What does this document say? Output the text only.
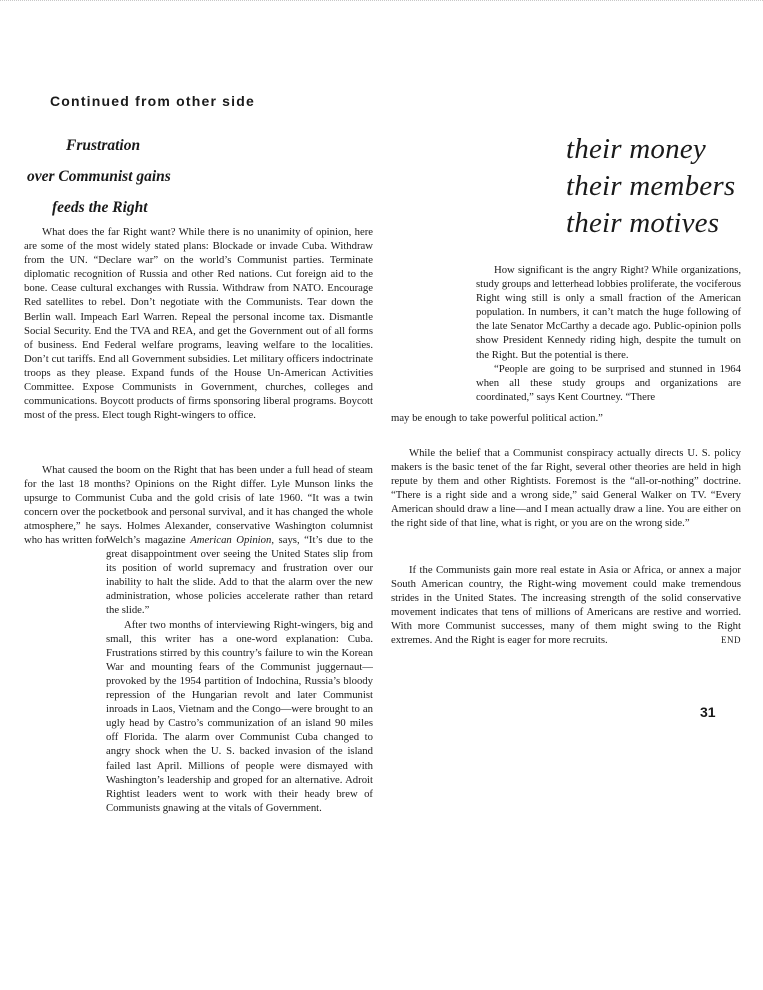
Continued from other side
Frustration
over Communist gains
feeds the Right
their money
their members
their motives

What does the far Right want? While there is no unanimity of opinion, here are some of the most widely stated plans: Blockade or invade Cuba. Withdraw from the UN. “Declare war” on the world’s Communist parties. Terminate diplomatic recognition of Russia and other Red nations. Cut foreign aid to the bone. Cease cultural exchanges with Russia. Withdraw from NATO. Encourage Red satellites to rebel. Don’t negotiate with the Communists. Tear down the Berlin wall. Impeach Earl Warren. Repeal the personal income tax. Dismantle Social Security. End the TVA and REA, and get the Government out of all forms of business. End Federal welfare programs, leaving welfare to the localities. Don’t cut tariffs. End all Government subsidies. Let military officers indoctrinate troops as they please. Expand funds of the House Un-American Activities Committee. Expose Communists in Government, churches, colleges and communications. Boycott products of firms sponsoring liberal programs. Boycott most of the press. Elect tough Right-wingers to office.

What caused the boom on the Right that has been under a full head of steam for the last 18 months? Opinions on the Right differ. Lyle Munson links the upsurge to Communist Cuba and the gold crisis of late 1960. “It was a twin concern over the pocketbook and personal survival, and it has changed the whole atmosphere,” he says. Holmes Alexander, conservative Washington columnist who has written for

Welch’s magazine American Opinion, says, “It’s due to the great disappointment over seeing the United States slip from its position of world supremacy and frustration over our inability to halt the slide. Add to that the alarm over the new administration, whose policies accelerate rather than retard the slide.”

After two months of interviewing Right-wingers, big and small, this writer has a one-word explanation: Cuba. Frustrations stirred by this country’s failure to win the Korean War and mounting fears of the Communist juggernaut—provoked by the 1954 partition of Indochina, Russia’s bloody repression of the Hungarian revolt and later Communist inroads in Laos, Vietnam and the Congo—were brought to an ugly head by Castro’s communization of an island 90 miles off Florida. The alarm over Communist Cuba changed to angry shock when the U. S. backed invasion of the island failed last April. Millions of people were dismayed with Washington’s leadership and groped for an alternative. Adroit Rightist leaders went to work with their heady brew of Communists gnawing at the vitals of Government.

How significant is the angry Right? While organizations, study groups and letterhead lobbies proliferate, the vociferous Right wing still is only a small fraction of the American population. In numbers, it can’t match the huge following of the late Senator McCarthy a decade ago. Public-opinion polls show President Kennedy riding high, despite the tumult on the Right. But the potential is there.

“People are going to be surprised and stunned in 1964 when all these study groups and organizations are coordinated,” says Kent Courtney. “There

may be enough to take powerful political action.”

While the belief that a Communist conspiracy actually directs U. S. policy makers is the basic tenet of the far Right, several other theories are held in high repute by them and other Rightists. Foremost is the “all-or-nothing” doctrine. “There is a right side and a wrong side,” said General Walker on TV. “Every American should draw a line—and I mean actually draw a line. You are either on the right side of that line, what is right, or you are on the wrong side.”

If the Communists gain more real estate in Asia or Africa, or annex a major South American country, the Right-wing movement could make tremendous strides in the United States. The increasing strength of the solid conservative movement indicates that tens of millions of Americans are restive and worried. With more Communist successes, many of them might swing to the Right extremes. And the Right is eager for more recruits.	END

31
